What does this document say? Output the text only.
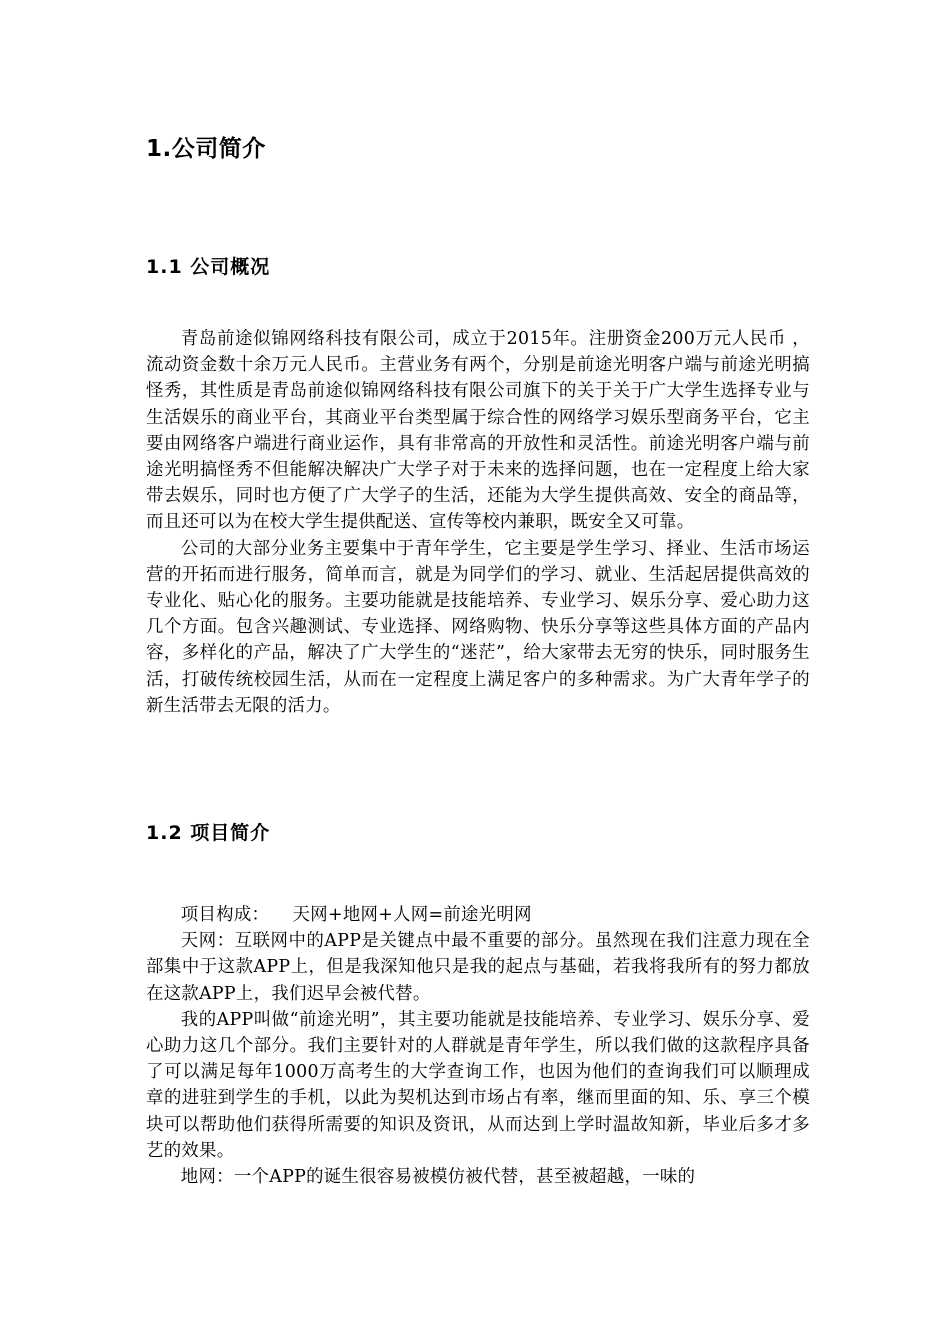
1.公司简介
1.1 公司概况

青岛前途似锦网络科技有限公司，成立于2015年。注册资金200万元人民币 ，流动资金数十余万元人民币。主营业务有两个，分别是前途光明客户端与前途光明搞怪秀，其性质是青岛前途似锦网络科技有限公司旗下的关于关于广大学生选择专业与生活娱乐的商业平台，其商业平台类型属于综合性的网络学习娱乐型商务平台，它主要由网络客户端进行商业运作，具有非常高的开放性和灵活性。前途光明客户端与前途光明搞怪秀不但能解决解决广大学子对于未来的选择问题，也在一定程度上给大家带去娱乐，同时也方便了广大学子的生活，还能为大学生提供高效、安全的商品等，而且还可以为在校大学生提供配送、宣传等校内兼职，既安全又可靠。

公司的大部分业务主要集中于青年学生，它主要是学生学习、择业、生活市场运营的开拓而进行服务，简单而言，就是为同学们的学习、就业、生活起居提供高效的专业化、贴心化的服务。主要功能就是技能培养、专业学习、娱乐分享、爱心助力这几个方面。包含兴趣测试、专业选择、网络购物、快乐分享等这些具体方面的产品内容，多样化的产品，解决了广大学生的“迷茫”，给大家带去无穷的快乐，同时服务生活，打破传统校园生活，从而在一定程度上满足客户的多种需求。为广大青年学子的新生活带去无限的活力。

1.2 项目简介

项目构成：    天网+地网+人网=前途光明网

天网：互联网中的APP是关键点中最不重要的部分。虽然现在我们注意力现在全部集中于这款APP上，但是我深知他只是我的起点与基础，若我将我所有的努力都放在这款APP上，我们迟早会被代替。

我的APP叫做“前途光明”，其主要功能就是技能培养、专业学习、娱乐分享、爱心助力这几个部分。我们主要针对的人群就是青年学生，所以我们做的这款程序具备了可以满足每年1000万高考生的大学查询工作，也因为他们的查询我们可以顺理成章的进驻到学生的手机，以此为契机达到市场占有率，继而里面的知、乐、享三个模块可以帮助他们获得所需要的知识及资讯，从而达到上学时温故知新，毕业后多才多艺的效果。

地网：一个APP的诞生很容易被模仿被代替，甚至被超越，一味的
